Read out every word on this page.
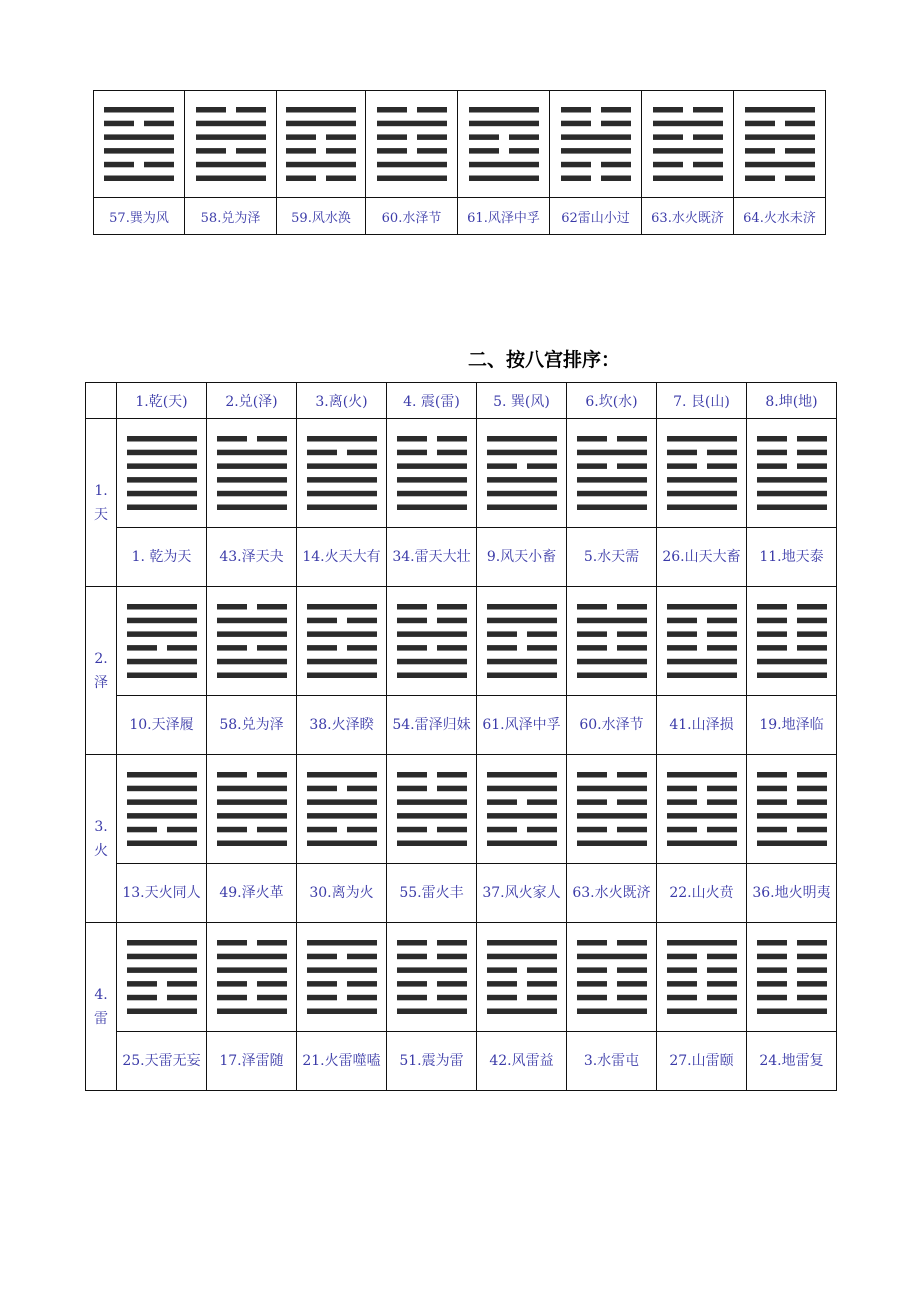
57.巽为风	58.兑为泽	59.风水涣	60.水泽节	61.风泽中孚	62雷山小过	63.水火既济	64.火水未济
二、按八宫排序：
	1.乾(天)	2.兑(泽)	3.离(火)	4. 震(雷)	5. 巽(风)	6.坎(水)	7. 艮(山)	8.坤(地)

1.
天

	1. 乾为天	43.泽天夬	14.火天大有	34.雷天大壮	9.风天小畜	5.水天需	26.山天大畜	11.地天泰

2.
泽

	10.天泽履	58.兑为泽	38.火泽睽	54.雷泽归妹	61.风泽中孚	60.水泽节	41.山泽损	19.地泽临

3.
火

	13.天火同人	49.泽火革	30.离为火	55.雷火丰	37.风火家人	63.水火既济	22.山火贲	36.地火明夷

4.
雷

	25.天雷无妄	17.泽雷随	21.火雷噬嗑	51.震为雷	42.风雷益	3.水雷屯	27.山雷颐	24.地雷复
